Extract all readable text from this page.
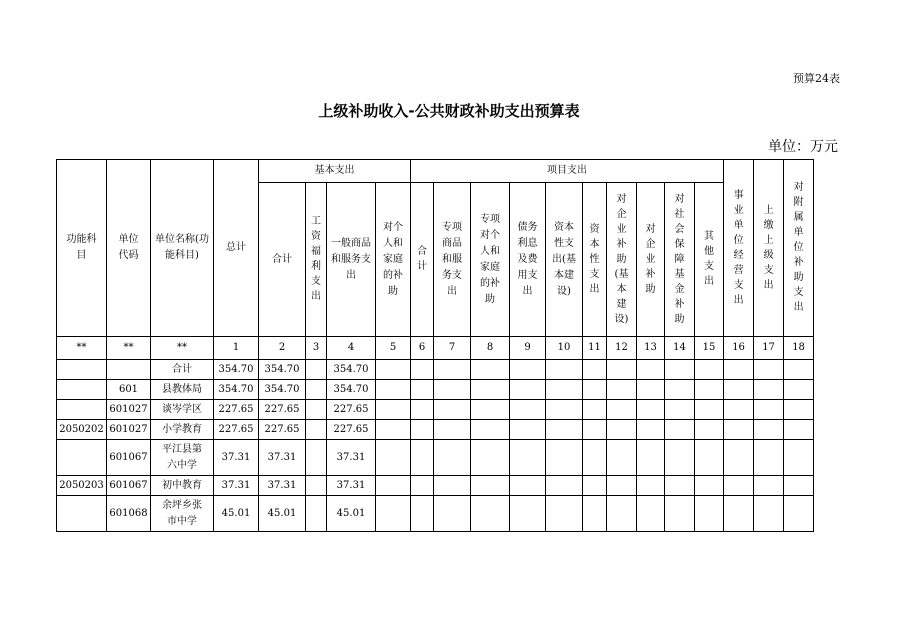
预算24表
上级补助收入-公共财政补助支出预算表
单位：万元
功能科目	单位代码	单位名称(功能科目)	总计	基本支出				项目支出										事业单位经营支出	上缴上级支出	对附属单位补助支出
				合计	工资福利支出	一般商品和服务支出	对个人和家庭的补助	合计	专项商品和服务支出	专项对个人和家庭的补助	债务利息及费用支出	资本性支出(基本建设)	资本性支出	对企业补助(基本建设)	对企业补助	对社会保障基金补助	其他支出			
**	**	**	1	2	3	4	5	6	7	8	9	10	11	12	13	14	15	16	17	18
		合计	354.70	354.70		354.70														
	601	县教体局	354.70	354.70		354.70														
	601027	谈岑学区	227.65	227.65		227.65														
2050202	601027	小学教育	227.65	227.65		227.65														
	601067	平江县第六中学	37.31	37.31		37.31														
2050203	601067	初中教育	37.31	37.31		37.31														
	601068	余坪乡张市中学	45.01	45.01		45.01														
